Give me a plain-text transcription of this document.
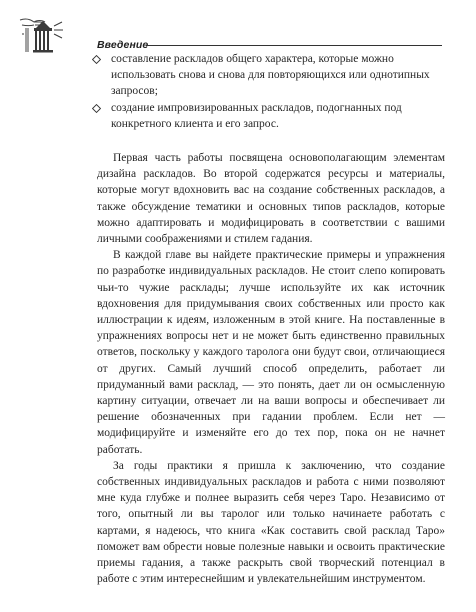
Введение
составление раскладов общего характера, которые можно использовать снова и снова для повторяющихся или однотипных запросов;
создание импровизированных раскладов, подогнанных под конкретного клиента и его запрос.

Первая часть работы посвящена основополагающим элементам дизайна раскладов. Во второй содержатся ресурсы и материалы, которые могут вдохновить вас на создание собственных раскладов, а также обсуждение тематики и основных типов раскладов, которые можно адаптировать и модифицировать в соответствии с вашими личными соображениями и стилем гадания.

В каждой главе вы найдете практические примеры и упражнения по разработке индивидуальных раскладов. Не стоит слепо копировать чьи-то чужие расклады; лучше используйте их как источник вдохновения для придумывания своих собственных или просто как иллюстрации к идеям, изложенным в этой книге. На поставленные в упражнениях вопросы нет и не может быть единственно правильных ответов, поскольку у каждого таролога они будут свои, отличающиеся от других. Самый лучший способ определить, работает ли придуманный вами расклад, — это понять, дает ли он осмысленную картину ситуации, отвечает ли на ваши вопросы и обеспечивает ли решение обозначенных при гадании проблем. Если нет — модифицируйте и изменяйте его до тех пор, пока он не начнет работать.

За годы практики я пришла к заключению, что создание собственных индивидуальных раскладов и работа с ними позволяют мне куда глубже и полнее выразить себя через Таро. Независимо от того, опытный ли вы таролог или только начинаете работать с картами, я надеюсь, что книга «Как составить свой расклад Таро» поможет вам обрести новые полезные навыки и освоить практические приемы гадания, а также раскрыть свой творческий потенциал в работе с этим интереснейшим и увлекательнейшим инструментом.
